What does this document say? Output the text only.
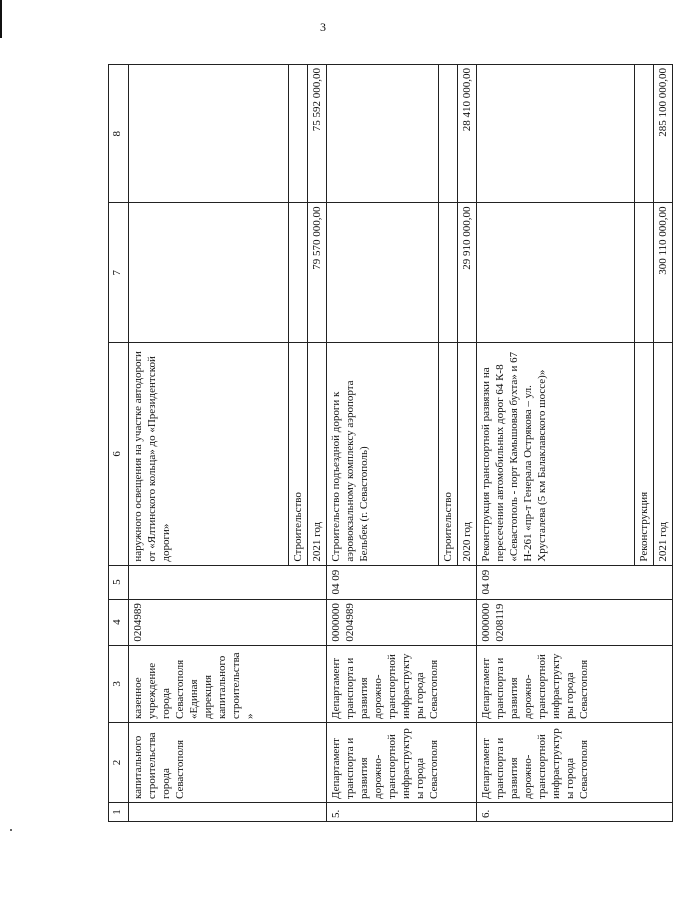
3
1	2	3	4	5	6	7	8
	капитального строительства города Севастополя	казенное учреждение города Севастополя «Единая дирекция капитального строительства»	0204989		наружного освещения на участке автодороги от «Ялтинского кольца» до «Президентской дороги»		
					Строительство		
					2021 год	79 570 000,00	75 592 000,00
5.	Департамент транспорта и развития дорожно-транспортной инфраструктуры города Севастополя	Департамент транспорта и развития дорожно-транспортной инфраструктуры города Севастополя	0000000 0204989	04 09	Строительство подъездной дороги к аэровокзальному комплексу аэропорта Бельбек (г. Севастополь)		
					Строительство		
					2020 год	29 910 000,00	28 410 000,00
6.	Департамент транспорта и развития дорожно-транспортной инфраструктуры города Севастополя	Департамент транспорта и развития дорожно-транспортной инфраструктуры города Севастополя	0000000 0208119	04 09	Реконструкция транспортной развязки на пересечении автомобильных дорог 64 К-8 «Севастополь - порт Камышовая бухта» и 67 Н-261 «пр-т Генерала Острякова – ул. Хрусталева (5 км Балаклавского шоссе)»		
					Реконструкция		
					2021 год	300 110 000,00	285 100 000,00
